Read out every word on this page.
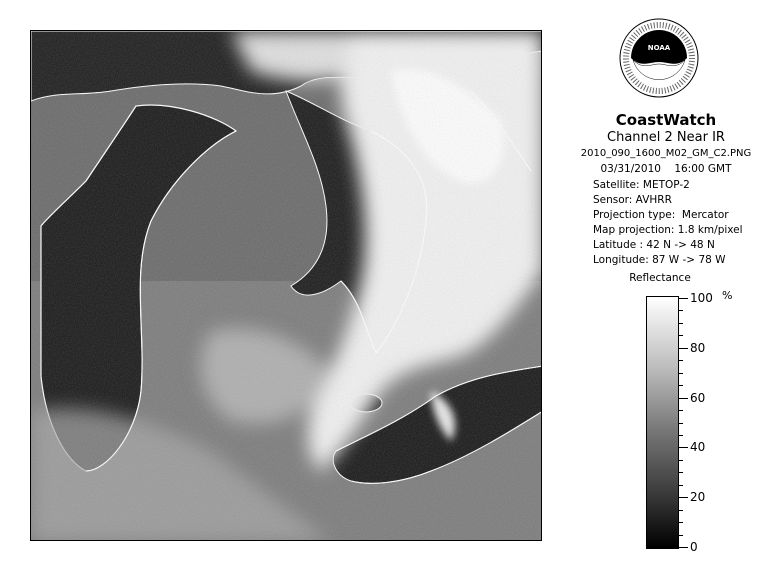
NOAA
CoastWatch
Channel 2 Near IR
2010_090_1600_M02_GM_C2.PNG
03/31/2010    16:00 GMT
Satellite: METOP-2
Sensor: AVHRR
Projection type:  Mercator
Map projection: 1.8 km/pixel
Latitude : 42 N -> 48 N
Longitude: 87 W -> 78 W
Reflectance
%
100
80
60
40
20
0
